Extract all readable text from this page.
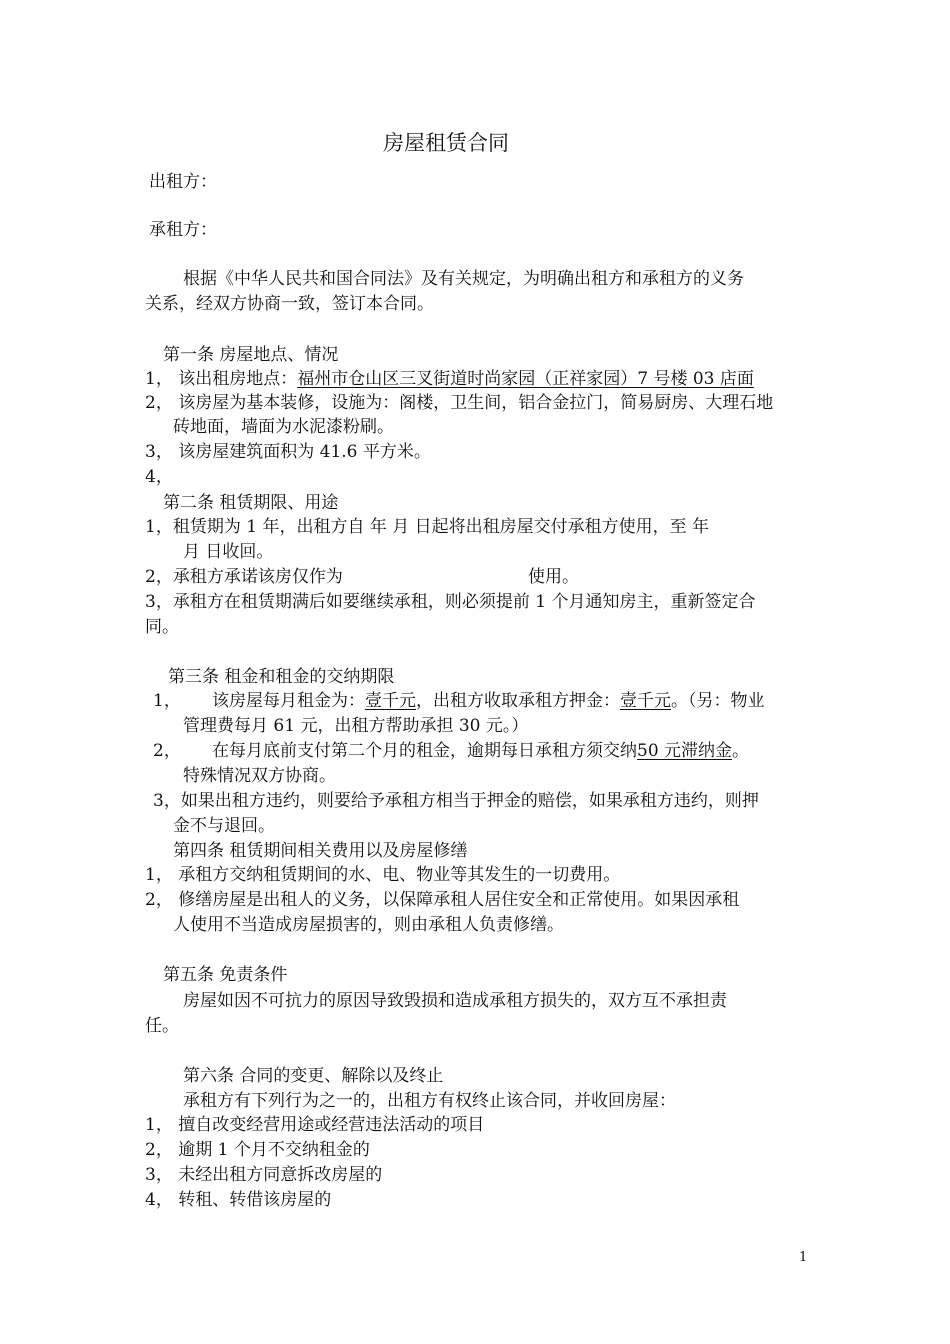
房屋租赁合同
出租方：
承租方：
根据《中华人民共和国合同法》及有关规定，为明确出租方和承租方的义务
关系，经双方协商一致，签订本合同。
第一条 房屋地点、情况
1， 该出租房地点：福州市仓山区三叉街道时尚家园（正祥家园）7 号楼 03 店面
2， 该房屋为基本装修，设施为：阁楼，卫生间，铝合金拉门，简易厨房、大理石地
砖地面，墙面为水泥漆粉刷。
3， 该房屋建筑面积为 41.6 平方米。
4，
第二条 租赁期限、用途
1，租赁期为 1 年，出租方自 年 月 日起将出租房屋交付承租方使用，至 年
月 日收回。
2，承租方承诺该房仅作为	使用。
3，承租方在租赁期满后如要继续承租，则必须提前 1 个月通知房主，重新签定合
同。
第三条 租金和租金的交纳期限
1， 该房屋每月租金为：壹千元，出租方收取承租方押金：壹千元。（另：物业
管理费每月 61 元，出租方帮助承担 30 元。）
2， 在每月底前支付第二个月的租金，逾期每日承租方须交纳50 元滞纳金。
特殊情况双方协商。
3，如果出租方违约，则要给予承租方相当于押金的赔偿，如果承租方违约，则押
金不与退回。
第四条 租赁期间相关费用以及房屋修缮
1， 承租方交纳租赁期间的水、电、物业等其发生的一切费用。
2， 修缮房屋是出租人的义务，以保障承租人居住安全和正常使用。如果因承租
人使用不当造成房屋损害的，则由承租人负责修缮。
第五条 免责条件
房屋如因不可抗力的原因导致毁损和造成承租方损失的，双方互不承担责
任。
第六条 合同的变更、解除以及终止
承租方有下列行为之一的，出租方有权终止该合同，并收回房屋：
1， 擅自改变经营用途或经营违法活动的项目
2， 逾期 1 个月不交纳租金的
3， 未经出租方同意拆改房屋的
4， 转租、转借该房屋的
1
